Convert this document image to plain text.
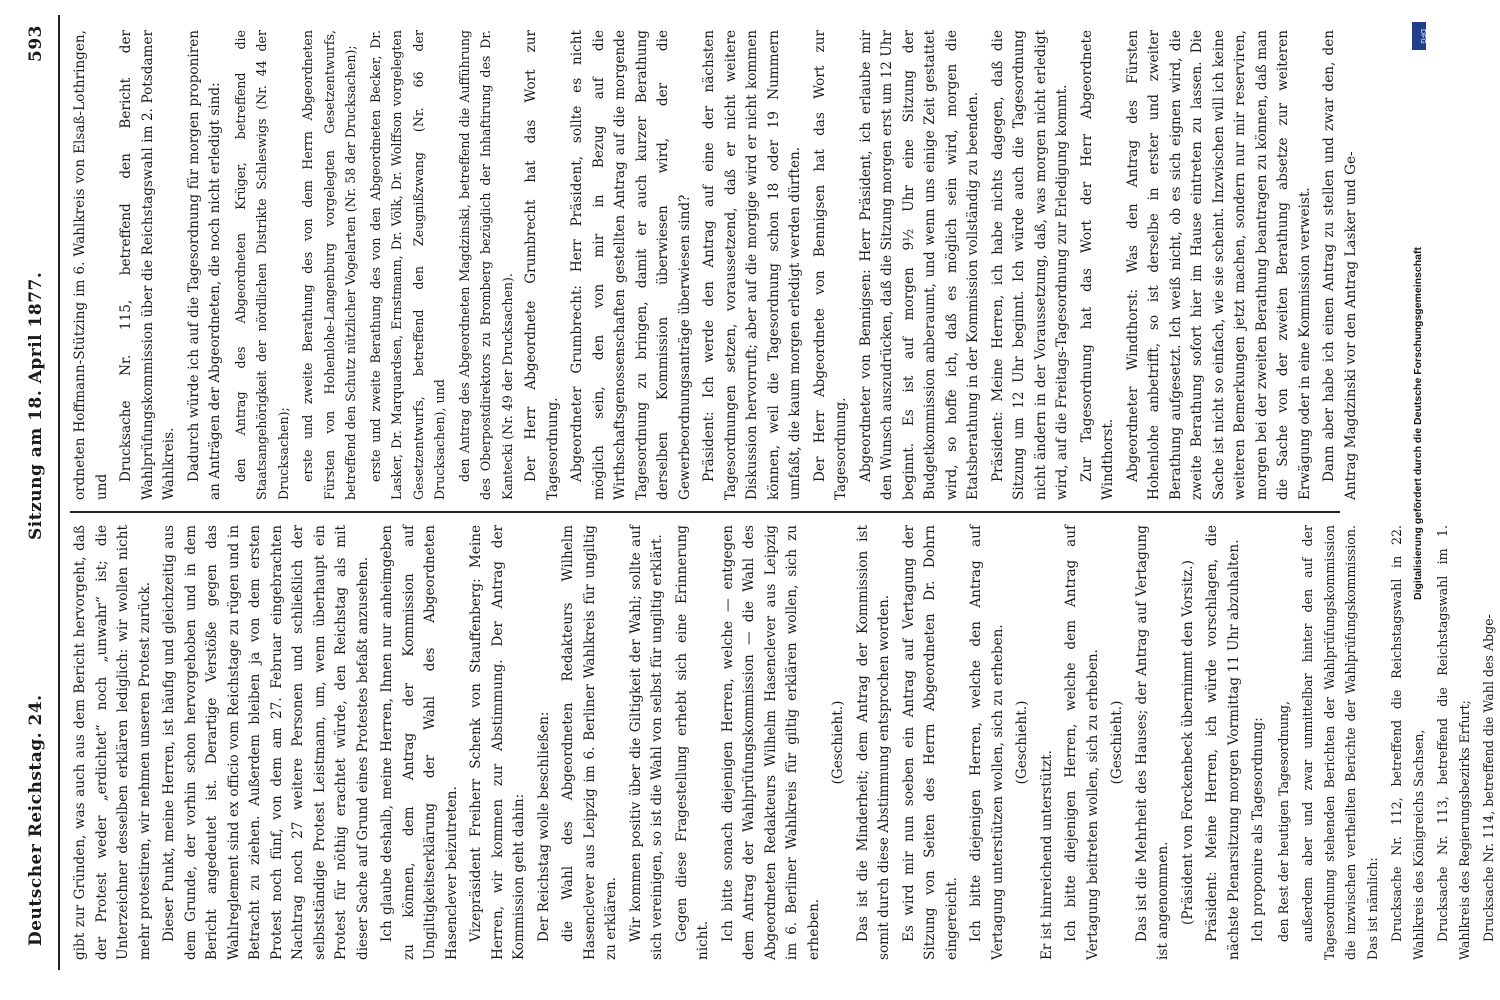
Deutscher Reichstag. 24.
Sitzung am 18. April 1877.
593

gibt zur Gründen, was auch aus dem Bericht hervorgeht, daß der Protest weder „erdichtet“ noch „unwahr“ ist; die Unterzeichner desselben erklären lediglich: wir wollen nicht mehr protestiren, wir nehmen unseren Protest zurück. Dieser Punkt, meine Herren, ist häufig und gleichzeitig aus dem Grunde, der vorhin schon hervorgehoben und in dem Bericht angedeutet ist. Derartige Verstöße gegen das Wahlreglement sind ex officio vom Reichstage zu rügen und in Betracht zu ziehen. Außerdem bleiben ja von dem ersten Protest noch fünf, von dem am 27. Februar eingebrachten Nachtrag noch 27 weitere Personen und schließlich der selbstständige Protest Leistmann, um, wenn überhaupt ein Protest für nöthig erachtet würde, den Reichstag als mit dieser Sache auf Grund eines Protestes befaßt anzusehen. Ich glaube deshalb, meine Herren, Ihnen nur anheimgeben zu können, dem Antrag der Kommission auf Ungiltigkeitserklärung der Wahl des Abgeordneten Hasenclever beizutreten. Vizepräsident Freiherr Schenk von Stauffenberg: Meine Herren, wir kommen zur Abstimmung. Der Antrag der Kommission geht dahin: Der Reichstag wolle beschließen: die Wahl des Abgeordneten Redakteurs Wilhelm Hasenclever aus Leipzig im 6. Berliner Wahlkreis für ungiltig zu erklären. Wir kommen positiv über die Giltigkeit der Wahl; sollte auf sich vereinigen, so ist die Wahl von selbst für ungiltig erklärt. Gegen diese Fragestellung erhebt sich eine Erinnerung nicht. Ich bitte sonach diejenigen Herren, welche — entgegen dem Antrag der Wahlprüfungskommission — die Wahl des Abgeordneten Redakteurs Wilhelm Hasenclever aus Leipzig im 6. Berliner Wahlkreis für giltig erklären wollen, sich zu erheben.

(Geschieht.) Das ist die Minderheit; dem Antrag der Kommission ist somit durch diese Abstimmung entsprochen worden. Es wird mir nun soeben ein Antrag auf Vertagung der Sitzung von Seiten des Herrn Abgeordneten Dr. Dohrn eingereicht. Ich bitte diejenigen Herren, welche den Antrag auf Vertagung unterstützen wollen, sich zu erheben. (Geschieht.)

Er ist hinreichend unterstützt. Ich bitte diejenigen Herren, welche dem Antrag auf Vertagung beitreten wollen, sich zu erheben. (Geschieht.) Das ist die Mehrheit des Hauses; der Antrag auf Vertagung ist angenommen. (Präsident von Forckenbeck übernimmt den Vorsitz.) Präsident: Meine Herren, ich würde vorschlagen, die nächste Plenarsitzung morgen Vormittag 11 Uhr abzuhalten. Ich proponire als Tagesordnung: den Rest der heutigen Tagesordnung, außerdem aber und zwar unmittelbar hinter den auf der Tagesordnung stehenden Berichten der Wahlprüfungskommission die inzwischen vertheilten Berichte der Wahlprüfungskommission. Das ist nämlich: Drucksache Nr. 112, betreffend die Reichstagswahl in 22. Wahlkreis des Königreichs Sachsen, Drucksache Nr. 113, betreffend die Reichstagswahl im 1. Wahlkreis des Regierungsbezirks Erfurt; Drucksache Nr. 114, betreffend die Wahl des Abge-

ordneten Hoffmann-Stützing im 6. Wahlkreis von Elsaß-Lothringen, und

Drucksache Nr. 115, betreffend den Bericht der Wahlprüfungskommission über die Reichstagswahl im 2. Potsdamer Wahlkreis. Dadurch würde ich auf die Tagesordnung für morgen proponiren an Anträgen der Abgeordneten, die noch nicht erledigt sind: den Antrag des Abgeordneten Krüger, betreffend die Staatsangehörigkeit der nördlichen Distrikte Schleswigs (Nr. 44 der Drucksachen); erste und zweite Berathung des von dem Herrn Abgeordneten Fürsten von Hohenlohe-Langenburg vorgelegten Gesetzentwurfs, betreffend den Schutz nützlicher Vogelarten (Nr. 58 der Drucksachen); erste und zweite Berathung des von den Abgeordneten Becker, Dr. Lasker, Dr. Marquardsen, Ernstmann, Dr. Völk, Dr. Wolffson vorgelegten Gesetzentwurfs, betreffend den Zeugnißzwang (Nr. 66 der Drucksachen), und den Antrag des Abgeordneten Magdzinski, betreffend die Aufführung des Oberpostdirektors zu Bromberg bezüglich der Inhaftirung des Dr. Kantecki (Nr. 49 der Drucksachen). Der Herr Abgeordnete Grumbrecht hat das Wort zur Tagesordnung. Abgeordneter Grumbrecht: Herr Präsident, sollte es nicht möglich sein, den von mir in Bezug auf die Wirthschaftsgenossenschaften gestellten Antrag auf die morgende Tagesordnung zu bringen, damit er auch kurzer Berathung derselben Kommission überwiesen wird, der die Gewerbeordnungsanträge überwiesen sind? Präsident: Ich werde den Antrag auf eine der nächsten Tagesordnungen setzen, voraussetzend, daß er nicht weitere Diskussion hervorruft; aber auf die morgige wird er nicht kommen können, weil die Tagesordnung schon 18 oder 19 Nummern umfaßt, die kaum morgen erledigt werden dürften. Der Herr Abgeordnete von Bennigsen hat das Wort zur Tagesordnung. Abgeordneter von Bennigsen: Herr Präsident, ich erlaube mir den Wunsch auszudrücken, daß die Sitzung morgen erst um 12 Uhr beginnt. Es ist auf morgen 9½ Uhr eine Sitzung der Budgetkommission anberaumt, und wenn uns einige Zeit gestattet wird, so hoffe ich, daß es möglich sein wird, morgen die Etatsberathung in der Kommission vollständig zu beenden. Präsident: Meine Herren, ich habe nichts dagegen, daß die Sitzung um 12 Uhr beginnt. Ich würde auch die Tagesordnung nicht ändern in der Voraussetzung, daß, was morgen nicht erledigt wird, auf die Freitags-Tagesordnung zur Erledigung kommt. Zur Tagesordnung hat das Wort der Herr Abgeordnete Windthorst. Abgeordneter Windthorst: Was den Antrag des Fürsten Hohenlohe anbetrifft, so ist derselbe in erster und zweiter Berathung aufgesetzt. Ich weiß nicht, ob es sich eignen wird, die zweite Berathung sofort hier im Hause eintreten zu lassen. Die Sache ist nicht so einfach, wie sie scheint. Inzwischen will ich keine weiteren Bemerkungen jetzt machen, sondern nur mir reserviren, morgen bei der zweiten Berathung beantragen zu können, daß man die Sache von der zweiten Berathung absetze zur weiteren Erwägung oder in eine Kommission verweist. Dann aber habe ich einen Antrag zu stellen und zwar den, den Antrag Magdzinski vor den Antrag Lasker und Ge-

DFG
Digitalisierung gefördert durch die Deutsche Forschungsgemeinschaft
